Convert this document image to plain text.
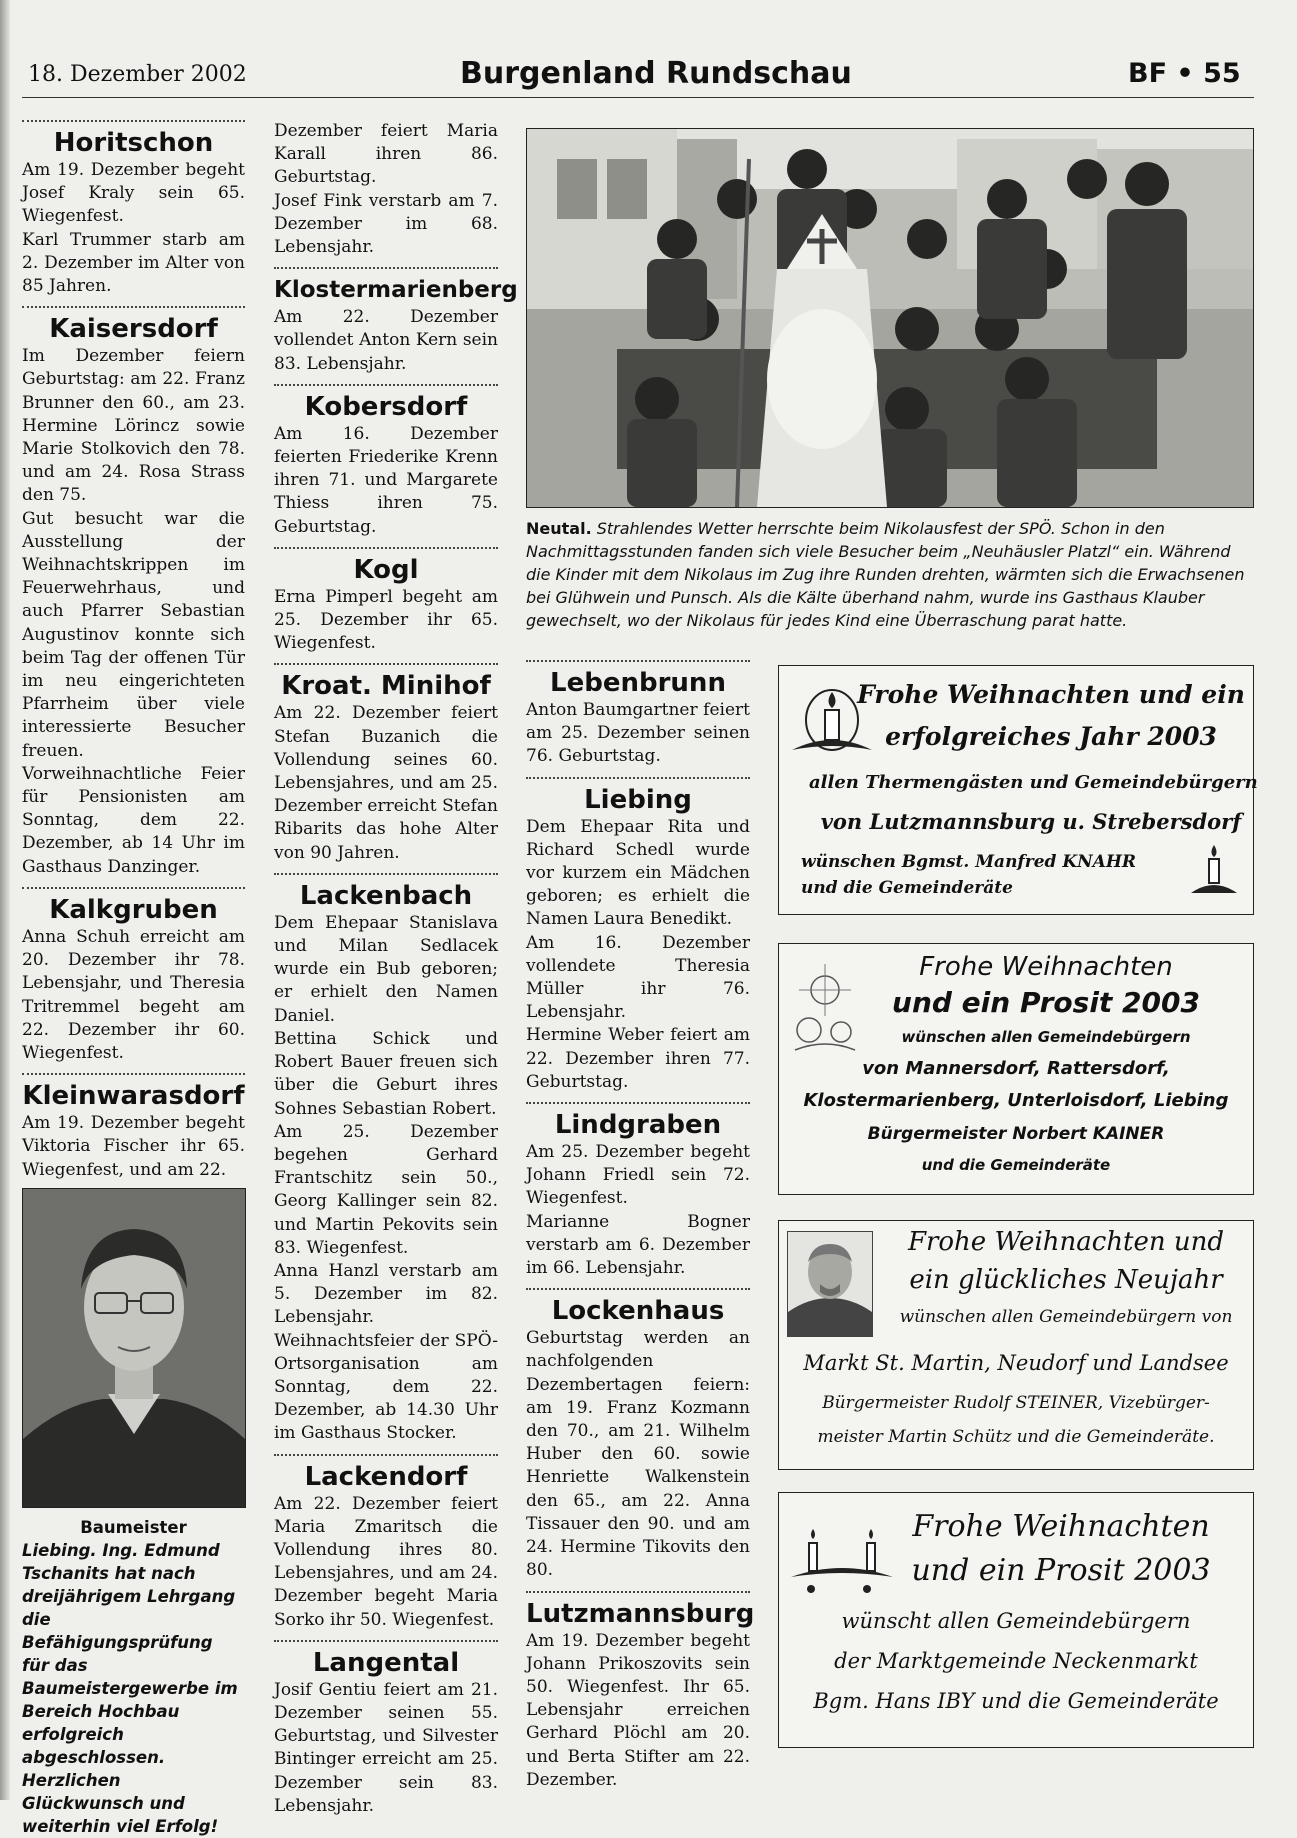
18. Dezember 2002	Burgenland Rundschau	BF • 55
Horitschon

Am 19. Dezember begeht Josef Kraly sein 65. Wiegenfest.

Karl Trummer starb am 2. Dezember im Alter von 85 Jahren.

Kaisersdorf

Im Dezember feiern Geburtstag: am 22. Franz Brunner den 60., am 23. Hermine Lörincz sowie Marie Stolkovich den 78. und am 24. Rosa Strass den 75.

Gut besucht war die Ausstellung der Weihnachtskrippen im Feuerwehrhaus, und auch Pfarrer Sebastian Augustinov konnte sich beim Tag der offenen Tür im neu eingerichteten Pfarrheim über viele interessierte Besucher freuen.

Vorweihnachtliche Feier für Pensionisten am Sonntag, dem 22. Dezember, ab 14 Uhr im Gasthaus Danzinger.

Kalkgruben

Anna Schuh erreicht am 20. Dezember ihr 78. Lebensjahr, und Theresia Tritremmel begeht am 22. Dezember ihr 60. Wiegenfest.

Kleinwarasdorf

Am 19. Dezember begeht Viktoria Fischer ihr 65. Wiegenfest, und am 22.

Baumeister
Liebing. Ing. Edmund Tschanits hat nach dreijährigem Lehrgang die Befähigungsprüfung für das Baumeistergewerbe im Bereich Hochbau erfolgreich abgeschlossen. Herzlichen Glückwunsch und weiterhin viel Erfolg!

Dezember feiert Maria Karall ihren 86. Geburtstag.

Josef Fink verstarb am 7. Dezember im 68. Lebensjahr.

Klostermarienberg

Am 22. Dezember vollendet Anton Kern sein 83. Lebensjahr.

Kobersdorf

Am 16. Dezember feierten Friederike Krenn ihren 71. und Margarete Thiess ihren 75. Geburtstag.

Kogl

Erna Pimperl begeht am 25. Dezember ihr 65. Wiegenfest.

Kroat. Minihof

Am 22. Dezember feiert Stefan Buzanich die Vollendung seines 60. Lebensjahres, und am 25. Dezember erreicht Stefan Ribarits das hohe Alter von 90 Jahren.

Lackenbach

Dem Ehepaar Stanislava und Milan Sedlacek wurde ein Bub geboren; er erhielt den Namen Daniel.

Bettina Schick und Robert Bauer freuen sich über die Geburt ihres Sohnes Sebastian Robert.

Am 25. Dezember begehen Gerhard Frantschitz sein 50., Georg Kallinger sein 82. und Martin Pekovits sein 83. Wiegenfest.

Anna Hanzl verstarb am 5. Dezember im 82. Lebensjahr.

Weihnachtsfeier der SPÖ-Ortsorganisation am Sonntag, dem 22. Dezember, ab 14.30 Uhr im Gasthaus Stocker.

Lackendorf

Am 22. Dezember feiert Maria Zmaritsch die Vollendung ihres 80. Lebensjahres, und am 24. Dezember begeht Maria Sorko ihr 50. Wiegenfest.

Langental

Josif Gentiu feiert am 21. Dezember seinen 55. Geburtstag, und Silvester Bintinger erreicht am 25. Dezember sein 83. Lebensjahr.

Neutal. Strahlendes Wetter herrschte beim Nikolausfest der SPÖ. Schon in den Nachmittagsstunden fanden sich viele Besucher beim „Neuhäusler Platzl“ ein. Während die Kinder mit dem Nikolaus im Zug ihre Runden drehten, wärmten sich die Erwachsenen bei Glühwein und Punsch. Als die Kälte überhand nahm, wurde ins Gasthaus Klauber gewechselt, wo der Nikolaus für jedes Kind eine Überraschung parat hatte.
Lebenbrunn

Anton Baumgartner feiert am 25. Dezember seinen 76. Geburtstag.

Liebing

Dem Ehepaar Rita und Richard Schedl wurde vor kurzem ein Mädchen geboren; es erhielt die Namen Laura Benedikt.

Am 16. Dezember vollendete Theresia Müller ihr 76. Lebensjahr.

Hermine Weber feiert am 22. Dezember ihren 77. Geburtstag.

Lindgraben

Am 25. Dezember begeht Johann Friedl sein 72. Wiegenfest.

Marianne Bogner verstarb am 6. Dezember im 66. Lebensjahr.

Lockenhaus

Geburtstag werden an nachfolgenden Dezembertagen feiern: am 19. Franz Kozmann den 70., am 21. Wilhelm Huber den 60. sowie Henriette Walkenstein den 65., am 22. Anna Tissauer den 90. und am 24. Hermine Tikovits den 80.

Lutzmannsburg

Am 19. Dezember begeht Johann Prikoszovits sein 50. Wiegenfest. Ihr 65. Lebensjahr erreichen Gerhard Plöchl am 20. und Berta Stifter am 22. Dezember.

Frohe Weihnachten und ein
erfolgreiches Jahr 2003
allen Thermengästen und Gemeindebürgern
von Lutzmannsburg u. Strebersdorf
wünschen Bgmst. Manfred KNAHR
und die Gemeinderäte
Frohe Weihnachten
und ein Prosit 2003
wünschen allen Gemeindebürgern
von Mannersdorf, Rattersdorf,
Klostermarienberg, Unterloisdorf, Liebing
Bürgermeister Norbert KAINER
und die Gemeinderäte
Frohe Weihnachten und
ein glückliches Neujahr
wünschen allen Gemeindebürgern von
Markt St. Martin, Neudorf und Landsee
Bürgermeister Rudolf STEINER, Vizebürger-
meister Martin Schütz und die Gemeinderäte.
Frohe Weihnachten
und ein Prosit 2003
wünscht allen Gemeindebürgern
der Marktgemeinde Neckenmarkt
Bgm. Hans IBY und die Gemeinderäte
